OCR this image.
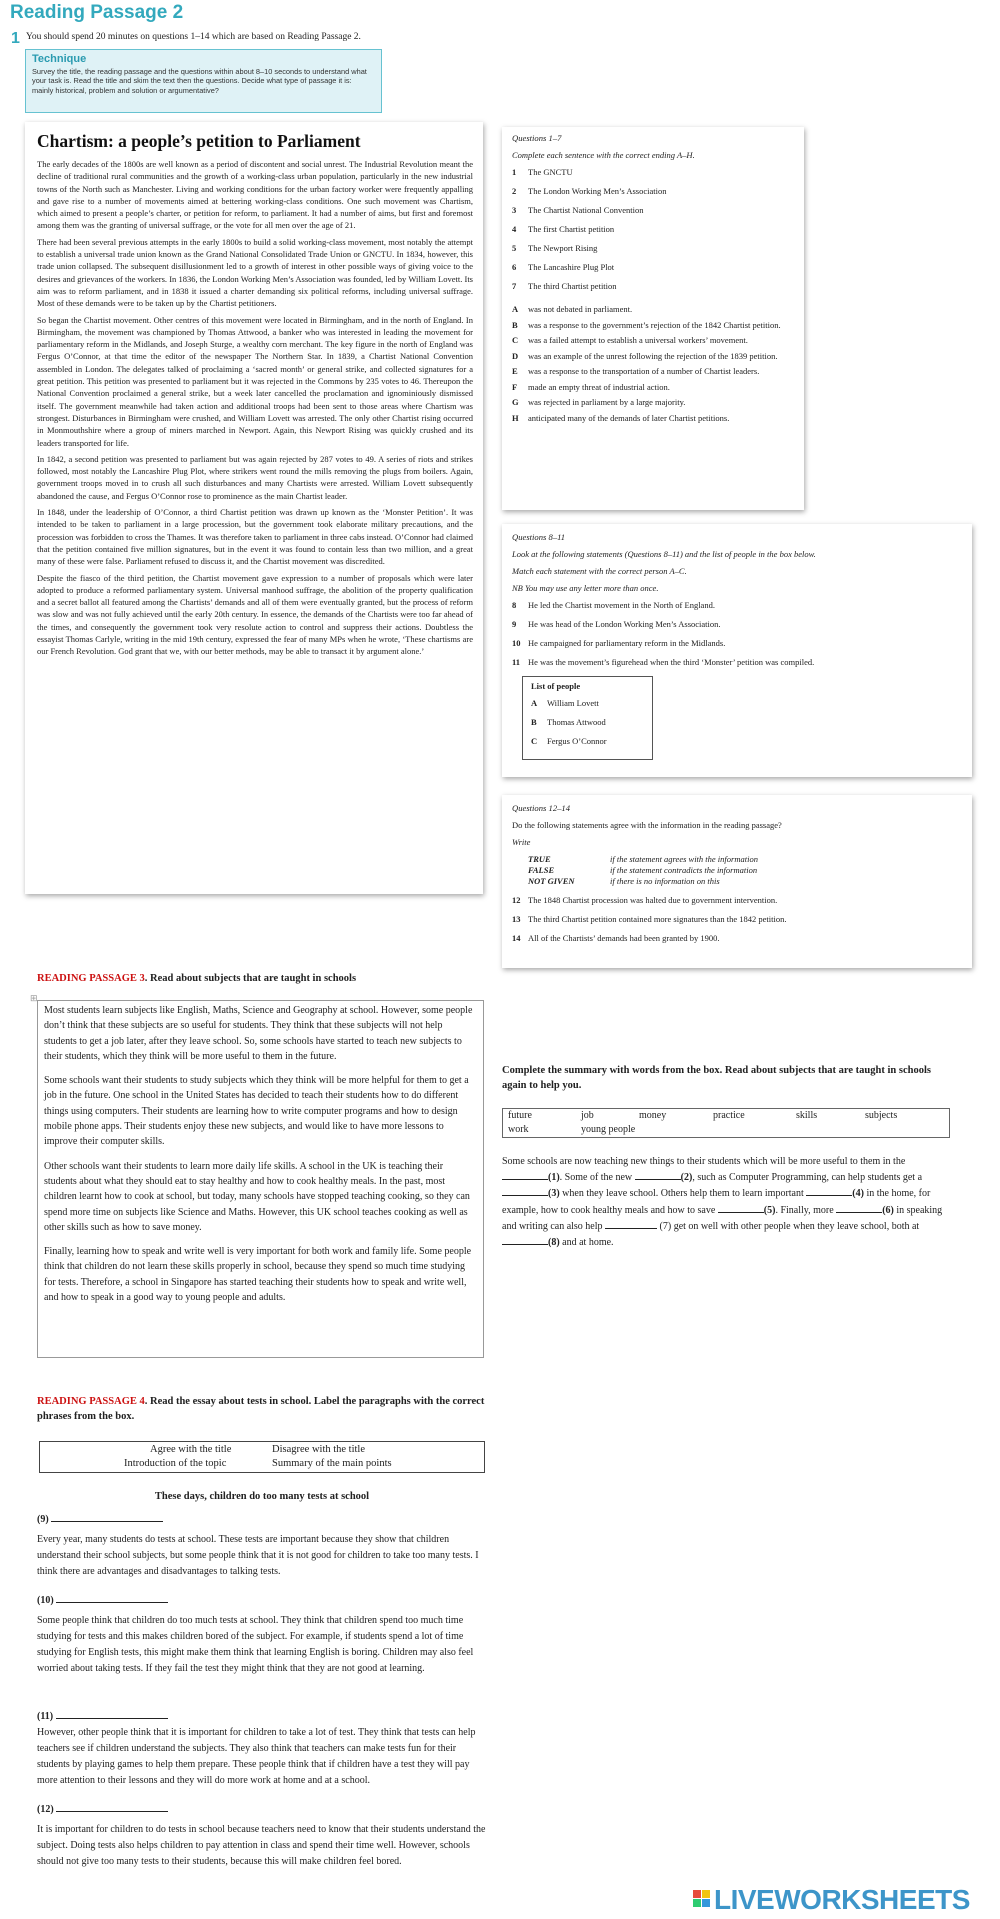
Reading Passage 2
1 You should spend 20 minutes on questions 1–14 which are based on Reading Passage 2.
Technique

Survey the title, the reading passage and the questions within about 8–10 seconds to understand what your task is. Read the title and skim the text then the questions. Decide what type of passage it is: mainly historical, problem and solution or argumentative?

Chartism: a people’s petition to Parliament

The early decades of the 1800s are well known as a period of discontent and social unrest. The Industrial Revolution meant the decline of traditional rural communities and the growth of a working-class urban population, particularly in the new industrial towns of the North such as Manchester. Living and working conditions for the urban factory worker were frequently appalling and gave rise to a number of movements aimed at bettering working-class conditions. One such movement was Chartism, which aimed to present a people’s charter, or petition for reform, to parliament. It had a number of aims, but first and foremost among them was the granting of universal suffrage, or the vote for all men over the age of 21.

There had been several previous attempts in the early 1800s to build a solid working-class movement, most notably the attempt to establish a universal trade union known as the Grand National Consolidated Trade Union or GNCTU. In 1834, however, this trade union collapsed. The subsequent disillusionment led to a growth of interest in other possible ways of giving voice to the desires and grievances of the workers. In 1836, the London Working Men’s Association was founded, led by William Lovett. Its aim was to reform parliament, and in 1838 it issued a charter demanding six political reforms, including universal suffrage. Most of these demands were to be taken up by the Chartist petitioners.

So began the Chartist movement. Other centres of this movement were located in Birmingham, and in the north of England. In Birmingham, the movement was championed by Thomas Attwood, a banker who was interested in leading the movement for parliamentary reform in the Midlands, and Joseph Sturge, a wealthy corn merchant. The key figure in the north of England was Fergus O’Connor, at that time the editor of the newspaper The Northern Star. In 1839, a Chartist National Convention assembled in London. The delegates talked of proclaiming a ‘sacred month’ or general strike, and collected signatures for a great petition. This petition was presented to parliament but it was rejected in the Commons by 235 votes to 46. Thereupon the National Convention proclaimed a general strike, but a week later cancelled the proclamation and ignominiously dismissed itself. The government meanwhile had taken action and additional troops had been sent to those areas where Chartism was strongest. Disturbances in Birmingham were crushed, and William Lovett was arrested. The only other Chartist rising occurred in Monmouthshire where a group of miners marched in Newport. Again, this Newport Rising was quickly crushed and its leaders transported for life.

In 1842, a second petition was presented to parliament but was again rejected by 287 votes to 49. A series of riots and strikes followed, most notably the Lancashire Plug Plot, where strikers went round the mills removing the plugs from boilers. Again, government troops moved in to crush all such disturbances and many Chartists were arrested. William Lovett subsequently abandoned the cause, and Fergus O’Connor rose to prominence as the main Chartist leader.

In 1848, under the leadership of O’Connor, a third Chartist petition was drawn up known as the ‘Monster Petition’. It was intended to be taken to parliament in a large procession, but the government took elaborate military precautions, and the procession was forbidden to cross the Thames. It was therefore taken to parliament in three cabs instead. O’Connor had claimed that the petition contained five million signatures, but in the event it was found to contain less than two million, and a great many of these were false. Parliament refused to discuss it, and the Chartist movement was discredited.

Despite the fiasco of the third petition, the Chartist movement gave expression to a number of proposals which were later adopted to produce a reformed parliamentary system. Universal manhood suffrage, the abolition of the property qualification and a secret ballot all featured among the Chartists’ demands and all of them were eventually granted, but the process of reform was slow and was not fully achieved until the early 20th century. In essence, the demands of the Chartists were too far ahead of the times, and consequently the government took very resolute action to control and suppress their actions. Doubtless the essayist Thomas Carlyle, writing in the mid 19th century, expressed the fear of many MPs when he wrote, ‘These chartisms are our French Revolution. God grant that we, with our better methods, may be able to transact it by argument alone.’

Questions 1–7
Complete each sentence with the correct ending A–H.
1	The GNCTU
2	The London Working Men’s Association
3	The Chartist National Convention
4	The first Chartist petition
5	The Newport Rising
6	The Lancashire Plug Plot
7	The third Chartist petition
A	was not debated in parliament.
B	was a response to the government’s rejection of the 1842 Chartist petition.
C	was a failed attempt to establish a universal workers’ movement.
D	was an example of the unrest following the rejection of the 1839 petition.
E	was a response to the transportation of a number of Chartist leaders.
F	made an empty threat of industrial action.
G	was rejected in parliament by a large majority.
H	anticipated many of the demands of later Chartist petitions.
Questions 8–11
Look at the following statements (Questions 8–11) and the list of people in the box below.
Match each statement with the correct person A–C.
NB You may use any letter more than once.
8	He led the Chartist movement in the North of England.
9	He was head of the London Working Men’s Association.
10 He campaigned for parliamentary reform in the Midlands.
11 He was the movement’s figurehead when the third ‘Monster’ petition was compiled.
List of people
A	William Lovett
B	Thomas Attwood
C	Fergus O’Connor
Questions 12–14
Do the following statements agree with the information in the reading passage?
Write
TRUE	if the statement agrees with the information
FALSE	if the statement contradicts the information
NOT GIVEN	if there is no information on this
12 The 1848 Chartist procession was halted due to government intervention.
13 The third Chartist petition contained more signatures than the 1842 petition.
14 All of the Chartists’ demands had been granted by 1900.
READING PASSAGE 3. Read about subjects that are taught in schools
⊞

Most students learn subjects like English, Maths, Science and Geography at school. However, some people don’t think that these subjects are so useful for students. They think that these subjects will not help students to get a job later, after they leave school. So, some schools have started to teach new subjects to their students, which they think will be more useful to them in the future.

Some schools want their students to study subjects which they think will be more helpful for them to get a job in the future. One school in the United States has decided to teach their students how to do different things using computers. Their students are learning how to write computer programs and how to design mobile phone apps. Their students enjoy these new subjects, and would like to have more lessons to improve their computer skills.

Other schools want their students to learn more daily life skills. A school in the UK is teaching their students about what they should eat to stay healthy and how to cook healthy meals. In the past, most children learnt how to cook at school, but today, many schools have stopped teaching cooking, so they can spend more time on subjects like Science and Maths. However, this UK school teaches cooking as well as other skills such as how to save money.

Finally, learning how to speak and write well is very important for both work and family life. Some people think that children do not learn these skills properly in school, because they spend so much time studying for tests. Therefore, a school in Singapore has started teaching their students how to speak and write well, and how to speak in a good way to young people and adults.

Complete the summary with words from the box. Read about subjects that are taught in schools again to help you.
future	job	money	practice	skills	subjects
work	young people
Some schools are now teaching new things to their students which will be more useful to them in the (1). Some of the new	(2), such as Computer Programming, can help students get a (3) when they leave school. Others help them to learn important	(4) in the home, for example, how to cook healthy meals and how to save	(5). Finally, more	(6) in speaking and writing can also help	(7) get on well with other people when they leave school, both at (8) and at home.
READING PASSAGE 4. Read the essay about tests in school. Label the paragraphs with the correct phrases from the box.
Agree with the title	Disagree with the title
Introduction of the topic	Summary of the main points
These days, children do too many tests at school
(9)

Every year, many students do tests at school. These tests are important because they show that children understand their school subjects, but some people think that it is not good for children to take too many tests. I think there are advantages and disadvantages to talking tests.

(10)

Some people think that children do too much tests at school. They think that children spend too much time studying for tests and this makes children bored of the subject. For example, if students spend a lot of time studying for English tests, this might make them think that learning English is boring. Children may also feel worried about taking tests. If they fail the test they might think that they are not good at learning.

(11)

However, other people think that it is important for children to take a lot of test. They think that tests can help teachers see if children understand the subjects. They also think that teachers can make tests fun for their students by playing games to help them prepare. These people think that if children have a test they will pay more attention to their lessons and they will do more work at home and at a school.

(12)

It is important for children to do tests in school because teachers need to know that their students understand the subject. Doing tests also helps children to pay attention in class and spend their time well. However, schools should not give too many tests to their students, because this will make children feel bored.

LIVEWORKSHEETS
